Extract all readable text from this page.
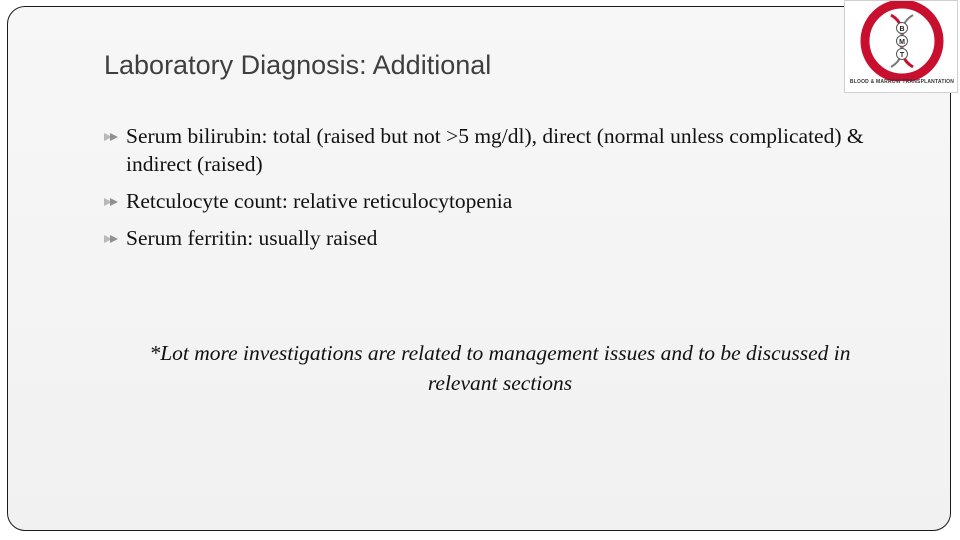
Laboratory Diagnosis: Additional
B
M
T
BLOOD & MARROW TRANSPLANTATION
Serum bilirubin: total (raised but not >5 mg/dl), direct (normal unless complicated) & indirect (raised)
Retculocyte count: relative reticulocytopenia
Serum ferritin: usually raised
*Lot more investigations are related to management issues and to be discussed in relevant sections
